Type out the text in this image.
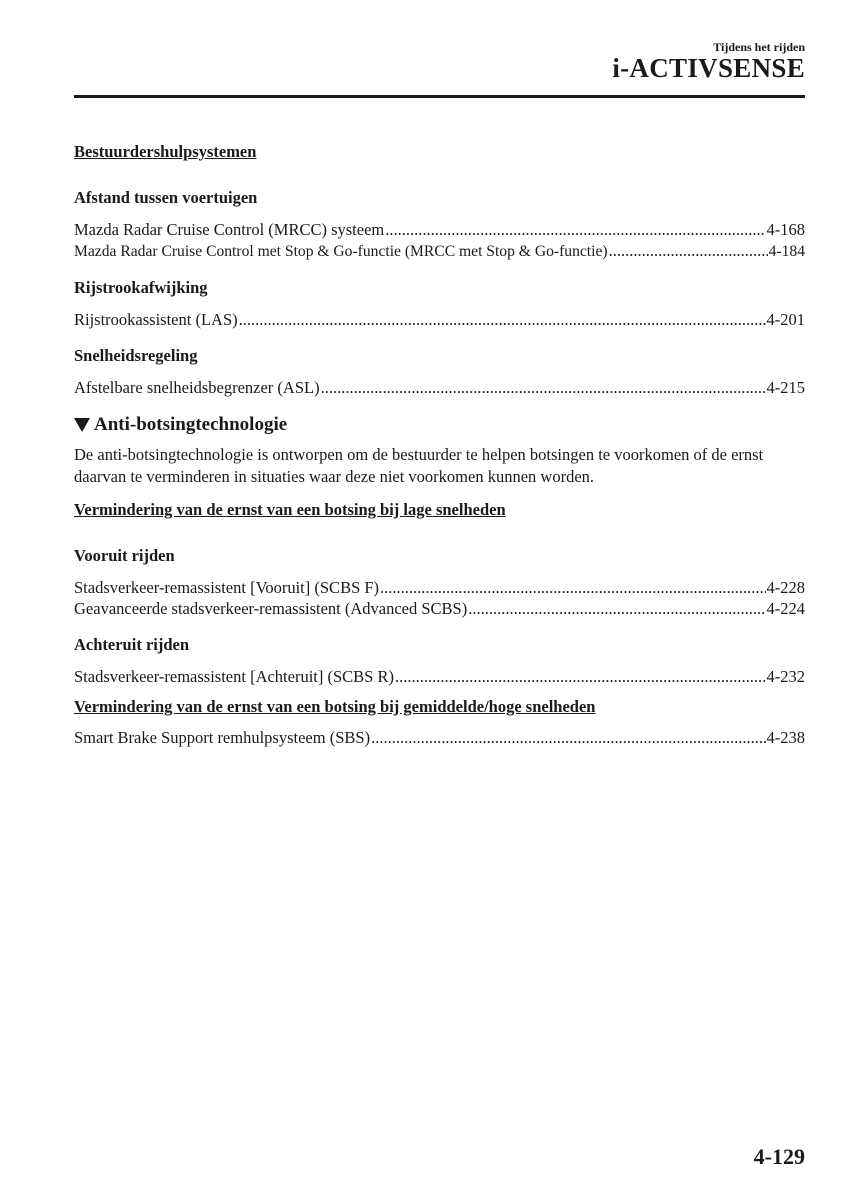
Tijdens het rijden
i-ACTIVSENSE
Bestuurdershulpsystemen
Afstand tussen voertuigen
Mazda Radar Cruise Control (MRCC) systeem .....	4-168
Mazda Radar Cruise Control met Stop & Go-functie (MRCC met Stop & Go-functie) .....	4-184
Rijstrookafwijking
Rijstrookassistent (LAS) .....	4-201
Snelheidsregeling
Afstelbare snelheidsbegrenzer (ASL) .....	4-215
Anti-botsingtechnologie
De anti-botsingtechnologie is ontworpen om de bestuurder te helpen botsingen te voorkomen of de ernst daarvan te verminderen in situaties waar deze niet voorkomen kunnen worden.
Vermindering van de ernst van een botsing bij lage snelheden
Vooruit rijden
Stadsverkeer-remassistent [Vooruit] (SCBS F) .....	4-228
Geavanceerde stadsverkeer-remassistent (Advanced SCBS) .....	4-224
Achteruit rijden
Stadsverkeer-remassistent [Achteruit] (SCBS R) .....	4-232
Vermindering van de ernst van een botsing bij gemiddelde/hoge snelheden
Smart Brake Support remhulpsysteem (SBS) .....	4-238
4-129
